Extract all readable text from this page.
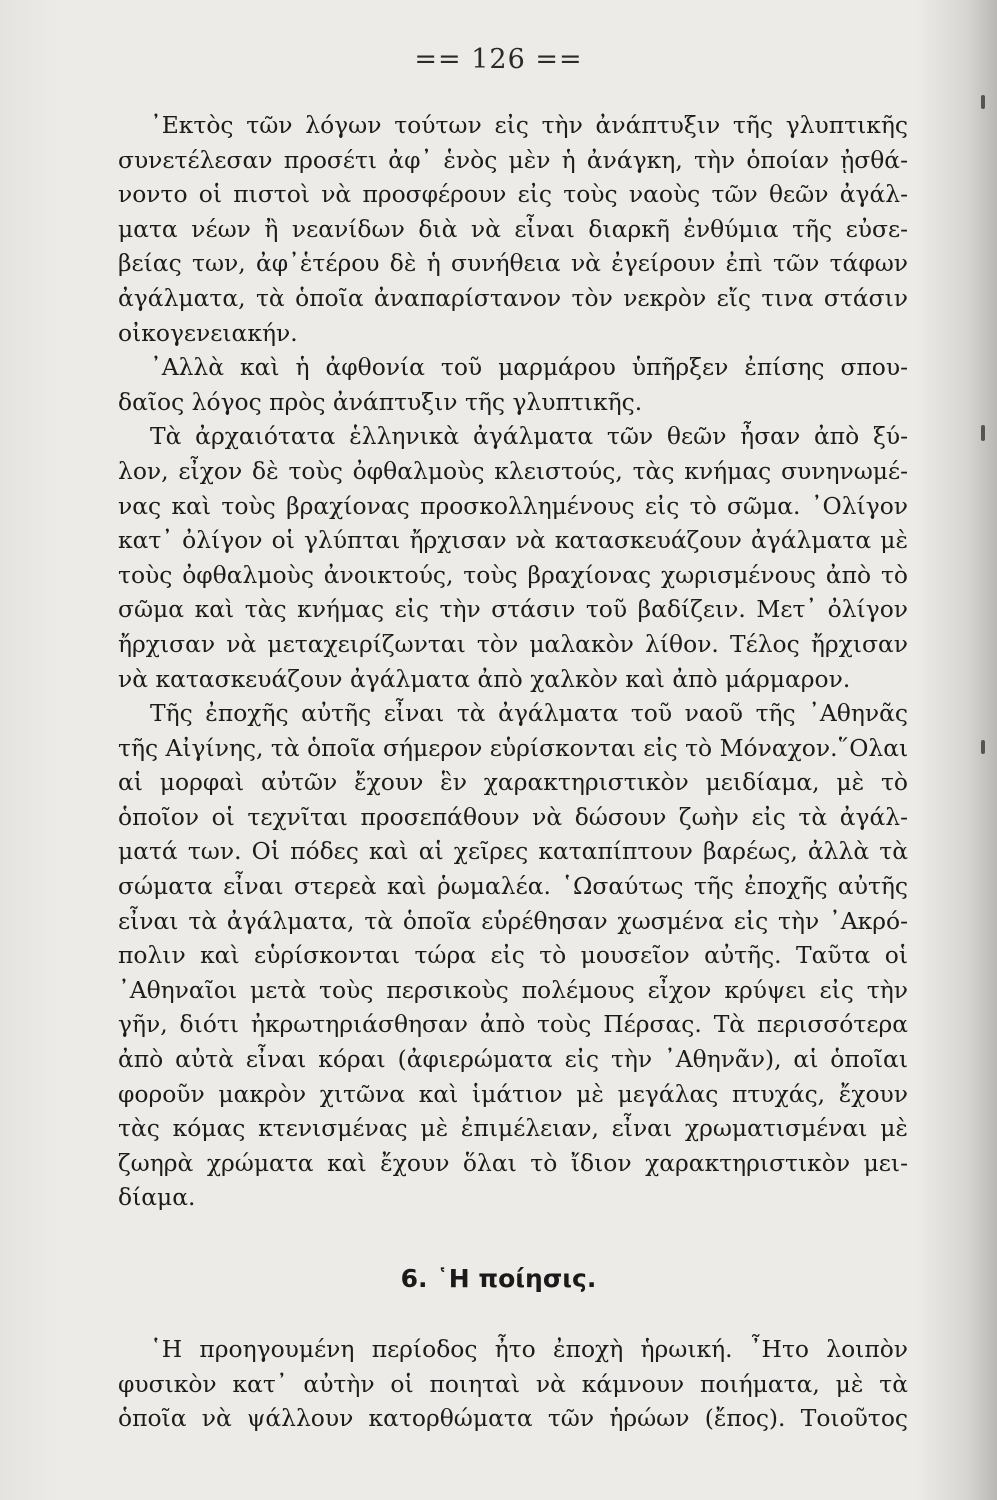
== 126 ==
᾿Εκτὸς τῶν λόγων τούτων εἰς τὴν ἀνάπτυξιν τῆς γλυπτικῆς
συνετέλεσαν προσέτι ἀφ᾿ ἑνὸς μὲν ἡ ἀνάγκη, τὴν ὁποίαν ᾐσθά-
νοντο οἱ πιστοὶ νὰ προσφέρουν εἰς τοὺς ναοὺς τῶν θεῶν ἀγάλ-
ματα νέων ἢ νεανίδων διὰ νὰ εἶναι διαρκῆ ἐνθύμια τῆς εὐσε-
βείας των, ἀφ᾿ἑτέρου δὲ ἡ συνήθεια νὰ ἐγείρουν ἐπὶ τῶν τάφων
ἀγάλματα, τὰ ὁποῖα ἀναπαρίστανον τὸν νεκρὸν εἴς τινα στάσιν
οἰκογενειακήν.
᾿Αλλὰ καὶ ἡ ἀφθονία τοῦ μαρμάρου ὑπῆρξεν ἐπίσης σπου-
δαῖος λόγος πρὸς ἀνάπτυξιν τῆς γλυπτικῆς.
Τὰ ἀρχαιότατα ἑλληνικὰ ἀγάλματα τῶν θεῶν ἦσαν ἀπὸ ξύ-
λον, εἶχον δὲ τοὺς ὀφθαλμοὺς κλειστούς, τὰς κνήμας συνηνωμέ-
νας καὶ τοὺς βραχίονας προσκολλημένους εἰς τὸ σῶμα. ᾿Ολίγον
κατ᾿ ὀλίγον οἱ γλύπται ἤρχισαν νὰ κατασκευάζουν ἀγάλματα μὲ
τοὺς ὀφθαλμοὺς ἀνοικτούς, τοὺς βραχίονας χωρισμένους ἀπὸ τὸ
σῶμα καὶ τὰς κνήμας εἰς τὴν στάσιν τοῦ βαδίζειν. Μετ᾿ ὀλίγον
ἤρχισαν νὰ μεταχειρίζωνται τὸν μαλακὸν λίθον. Τέλος ἤρχισαν
νὰ κατασκευάζουν ἀγάλματα ἀπὸ χαλκὸν καὶ ἀπὸ μάρμαρον.
Τῆς ἐποχῆς αὐτῆς εἶναι τὰ ἀγάλματα τοῦ ναοῦ τῆς ᾿Αθηνᾶς
τῆς Αἰγίνης, τὰ ὁποῖα σήμερον εὑρίσκονται εἰς τὸ Μόναχον.῞Ολαι
αἱ μορφαὶ αὐτῶν ἔχουν ἓν χαρακτηριστικὸν μειδίαμα, μὲ τὸ
ὁποῖον οἱ τεχνῖται προσεπάθουν νὰ δώσουν ζωὴν εἰς τὰ ἀγάλ-
ματά των. Οἱ πόδες καὶ αἱ χεῖρες καταπίπτουν βαρέως, ἀλλὰ τὰ
σώματα εἶναι στερεὰ καὶ ῥωμαλέα. ῾Ωσαύτως τῆς ἐποχῆς αὐτῆς
εἶναι τὰ ἀγάλματα, τὰ ὁποῖα εὑρέθησαν χωσμένα εἰς τὴν ᾿Ακρό-
πολιν καὶ εὑρίσκονται τώρα εἰς τὸ μουσεῖον αὐτῆς. Ταῦτα οἱ
᾿Αθηναῖοι μετὰ τοὺς περσικοὺς πολέμους εἶχον κρύψει εἰς τὴν
γῆν, διότι ἠκρωτηριάσθησαν ἀπὸ τοὺς Πέρσας. Τὰ περισσότερα
ἀπὸ αὐτὰ εἶναι κόραι (ἀφιερώματα εἰς τὴν ᾿Αθηνᾶν), αἱ ὁποῖαι
φοροῦν μακρὸν χιτῶνα καὶ ἱμάτιον μὲ μεγάλας πτυχάς, ἔχουν
τὰς κόμας κτενισμένας μὲ ἐπιμέλειαν, εἶναι χρωματισμέναι μὲ
ζωηρὰ χρώματα καὶ ἔχουν ὅλαι τὸ ἴδιον χαρακτηριστικὸν μει-
δίαμα.
6. ῾Η ποίησις.
῾Η προηγουμένη περίοδος ἦτο ἐποχὴ ἡρωική. ῏Ητο λοιπὸν
φυσικὸν κατ᾿ αὐτὴν οἱ ποιηταὶ νὰ κάμνουν ποιήματα, μὲ τὰ
ὁποῖα νὰ ψάλλουν κατορθώματα τῶν ἡρώων (ἔπος). Τοιοῦτος
